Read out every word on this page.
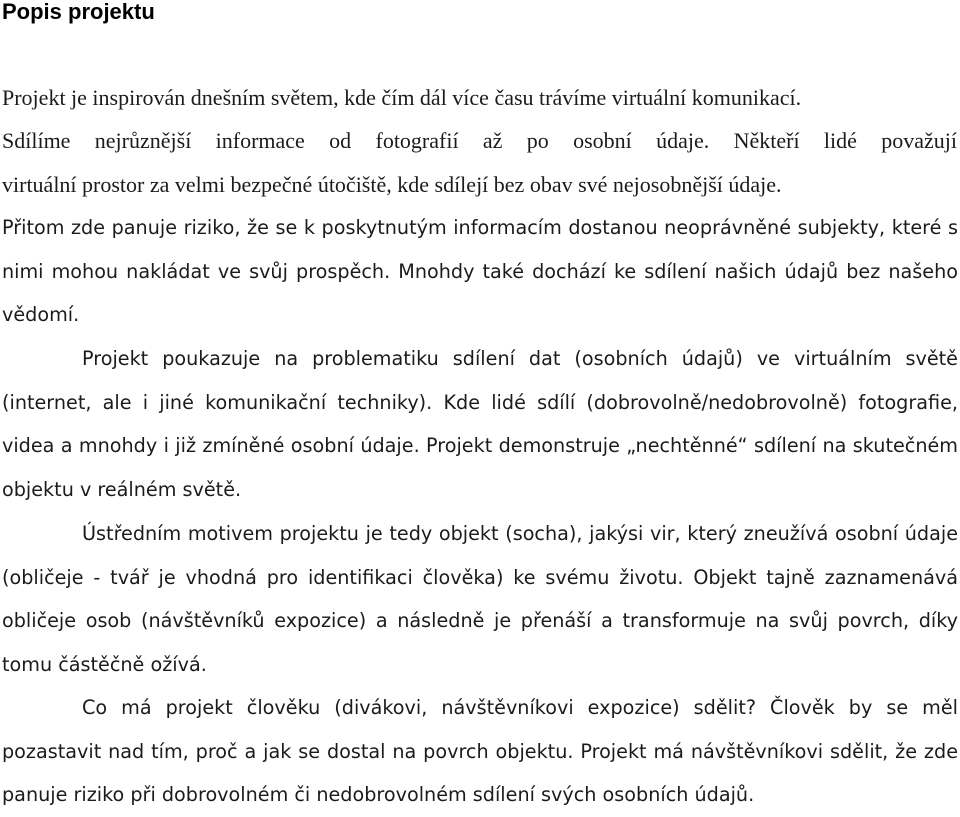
Popis projektu
Projekt je inspirován dnešním světem, kde čím dál více času trávíme virtuální komunikací.
Sdílíme nejrůznější informace od fotografií až po osobní údaje. Někteří lidé považují
virtuální prostor za velmi bezpečné útočiště, kde sdílejí bez obav své nejosobnější údaje.

Přitom zde panuje riziko, že se k poskytnutým informacím dostanou neoprávněné subjekty, které s nimi mohou nakládat ve svůj prospěch. Mnohdy také dochází ke sdílení našich údajů bez našeho vědomí.

Projekt poukazuje na problematiku sdílení dat (osobních údajů) ve virtuálním světě (internet, ale i jiné komunikační techniky). Kde lidé sdílí (dobrovolně/nedobrovolně) fotografie, videa a mnohdy i již zmíněné osobní údaje. Projekt demonstruje „nechtěnné“ sdílení na skutečném objektu v reálném světě.

Ústředním motivem projektu je tedy objekt (socha), jakýsi vir, který zneužívá osobní údaje (obličeje - tvář je vhodná pro identifikaci člověka) ke svému životu. Objekt tajně zaznamenává obličeje osob (návštěvníků expozice) a následně je přenáší a transformuje na svůj povrch, díky tomu částěčně ožívá.

Co má projekt člověku (divákovi, návštěvníkovi expozice) sdělit? Člověk by se měl pozastavit nad tím, proč a jak se dostal na povrch objektu. Projekt má návštěvníkovi sdělit, že zde panuje riziko při dobrovolném či nedobrovolném sdílení svých osobních údajů.
